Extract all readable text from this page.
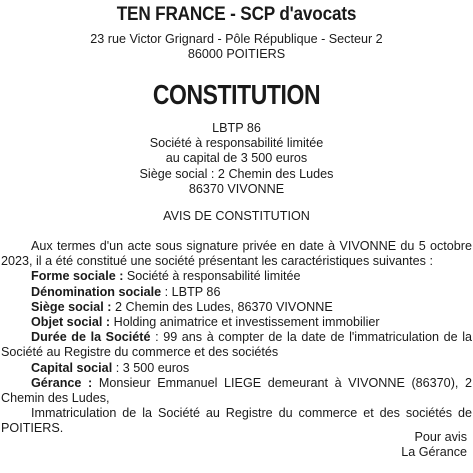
TEN FRANCE - SCP d'avocats
23 rue Victor Grignard - Pôle République - Secteur 2
86000 POITIERS
CONSTITUTION
LBTP 86
Société à responsabilité limitée
au capital de 3 500 euros
Siège social : 2 Chemin des Ludes
86370 VIVONNE
AVIS DE CONSTITUTION

Aux termes d'un acte sous signature privée en date à VIVONNE du 5 octobre 2023, il a été constitué une société présentant les caractéristiques suivantes :

Forme sociale : Société à responsabilité limitée

Dénomination sociale : LBTP 86

Siège social : 2 Chemin des Ludes, 86370 VIVONNE

Objet social : Holding animatrice et investissement immobilier

Durée de la Société : 99 ans à compter de la date de l'immatriculation de la Société au Registre du commerce et des sociétés

Capital social : 3 500 euros

Gérance : Monsieur Emmanuel LIEGE demeurant à VIVONNE (86370), 2 Chemin des Ludes,

Immatriculation de la Société au Registre du commerce et des sociétés de POITIERS.

Pour avis
La Gérance
